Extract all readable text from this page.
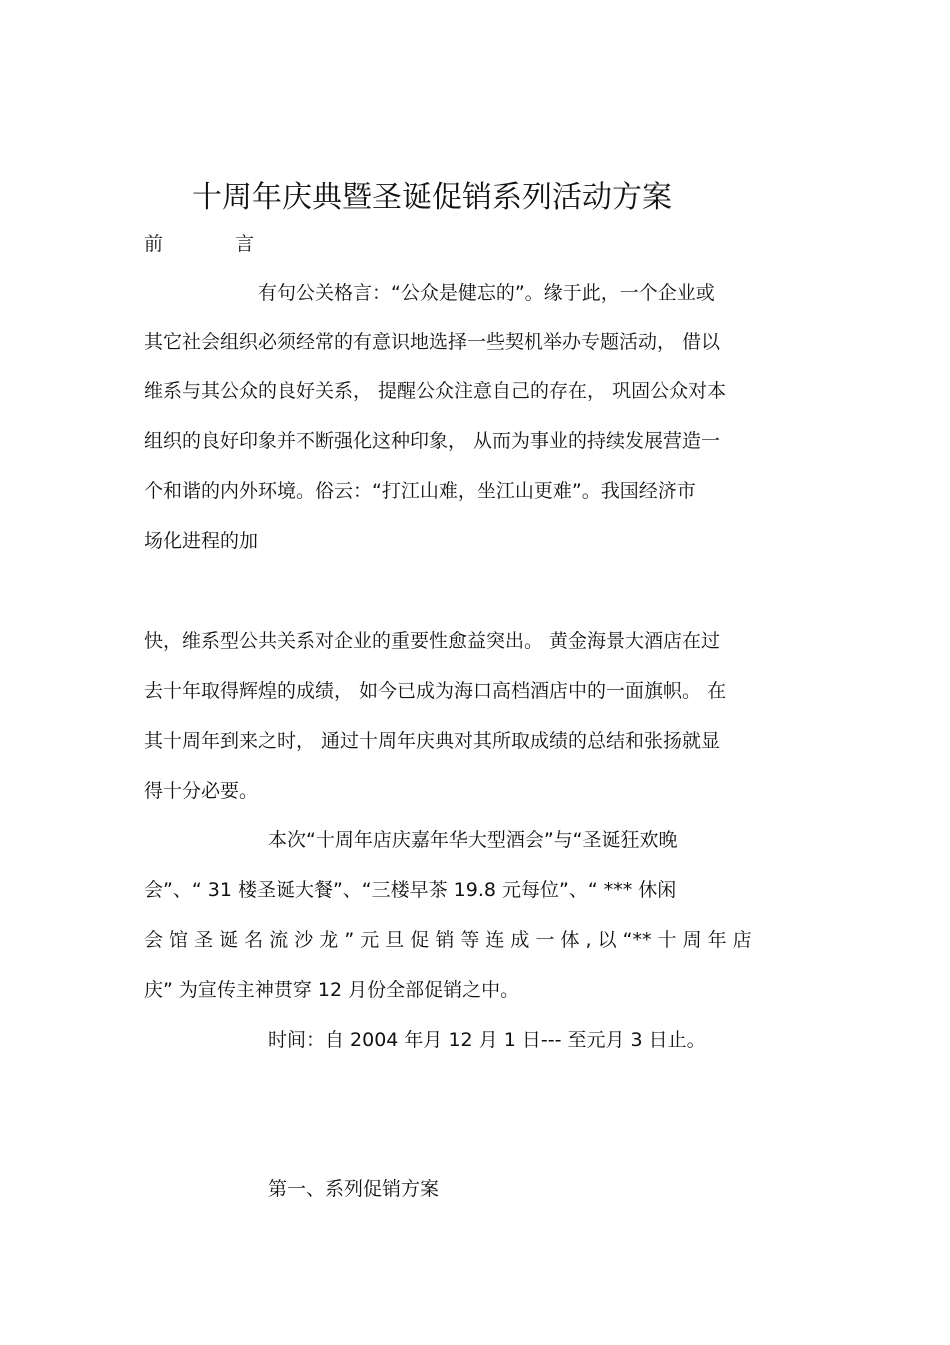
十周年庆典暨圣诞促销系列活动方案
前	言
有句公关格言：“公众是健忘的”。缘于此，一个企业或
其它社会组织必须经常的有意识地选择一些契机举办专题活动， 借以
维系与其公众的良好关系， 提醒公众注意自己的存在， 巩固公众对本
组织的良好印象并不断强化这种印象， 从而为事业的持续发展营造一
个和谐的内外环境。俗云：“打江山难，坐江山更难”。我国经济市
场化进程的加
快，维系型公共关系对企业的重要性愈益突出。 黄金海景大酒店在过
去十年取得辉煌的成绩， 如今已成为海口高档酒店中的一面旗帜。 在
其十周年到来之时， 通过十周年庆典对其所取成绩的总结和张扬就显
得十分必要。
本次“十周年店庆嘉年华大型酒会”与“圣诞狂欢晚
会”、“ 31 楼圣诞大餐”、“三楼早茶 19.8 元每位”、“ *** 休闲
会 馆 圣 诞 名 流 沙 龙 ” 元 旦 促 销 等 连 成 一 体 , 以 “** 十 周 年 店
庆” 为宣传主神贯穿 12 月份全部促销之中。
时间：自 2004 年月 12 月 1 日--- 至元月 3 日止。
第一、系列促销方案
